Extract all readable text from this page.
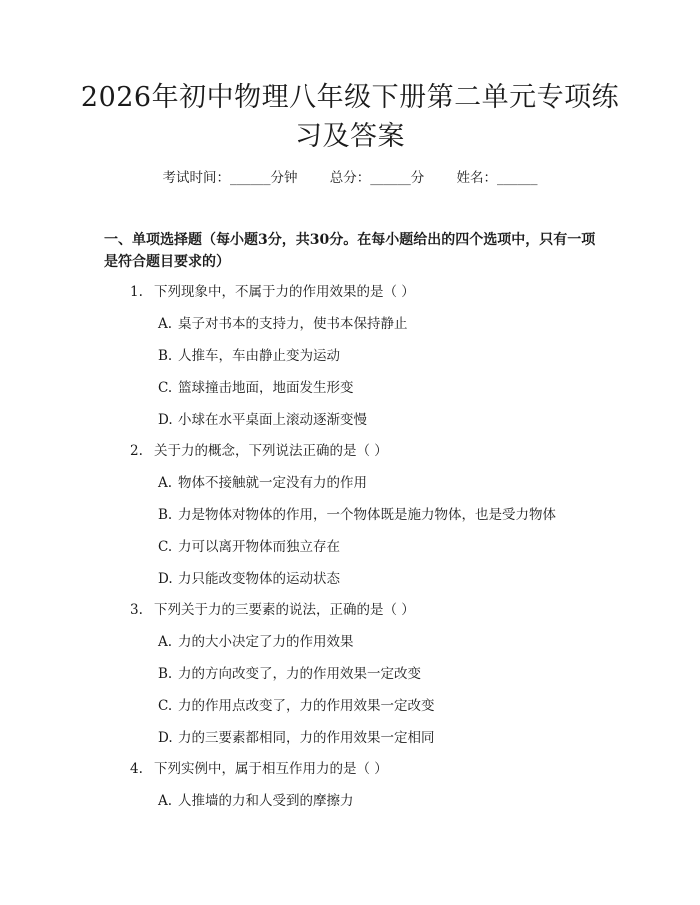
2026年初中物理八年级下册第二单元专项练习及答案
考试时间：______分钟 总分：______分 姓名：______
一、单项选择题（每小题3分，共30分。在每小题给出的四个选项中，只有一项是符合题目要求的）
1. 下列现象中，不属于力的作用效果的是（ ）
A. 桌子对书本的支持力，使书本保持静止
B. 人推车，车由静止变为运动
C. 篮球撞击地面，地面发生形变
D. 小球在水平桌面上滚动逐渐变慢
2. 关于力的概念，下列说法正确的是（ ）
A. 物体不接触就一定没有力的作用
B. 力是物体对物体的作用，一个物体既是施力物体，也是受力物体
C. 力可以离开物体而独立存在
D. 力只能改变物体的运动状态
3. 下列关于力的三要素的说法，正确的是（ ）
A. 力的大小决定了力的作用效果
B. 力的方向改变了，力的作用效果一定改变
C. 力的作用点改变了，力的作用效果一定改变
D. 力的三要素都相同，力的作用效果一定相同
4. 下列实例中，属于相互作用力的是（ ）
A. 人推墙的力和人受到的摩擦力
